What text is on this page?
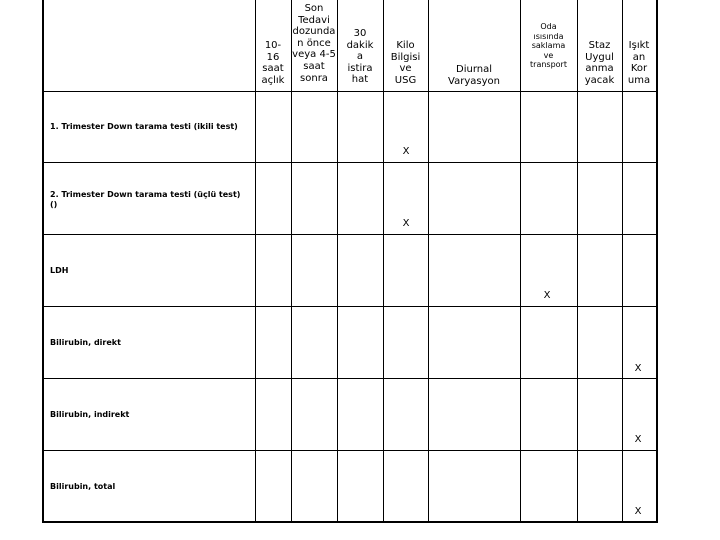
10-
16
saat
açlık
Son
Tedavi
dozunda
n önce
veya 4-5
saat
sonra
30
dakik
a
istira
hat
Kilo
Bilgisi
ve
USG
Diurnal
Varyasyon
Oda
ısısında
saklama
ve
transport
Staz
Uygul
anma
yacak
Işıkt
an
Kor
uma
1. Trimester Down tarama testi (ikili test)
2. Trimester Down tarama testi (üçlü test)
()
LDH
Bilirubin, direkt
Bilirubin, indirekt
Bilirubin, total
X
X
X
X
X
X
